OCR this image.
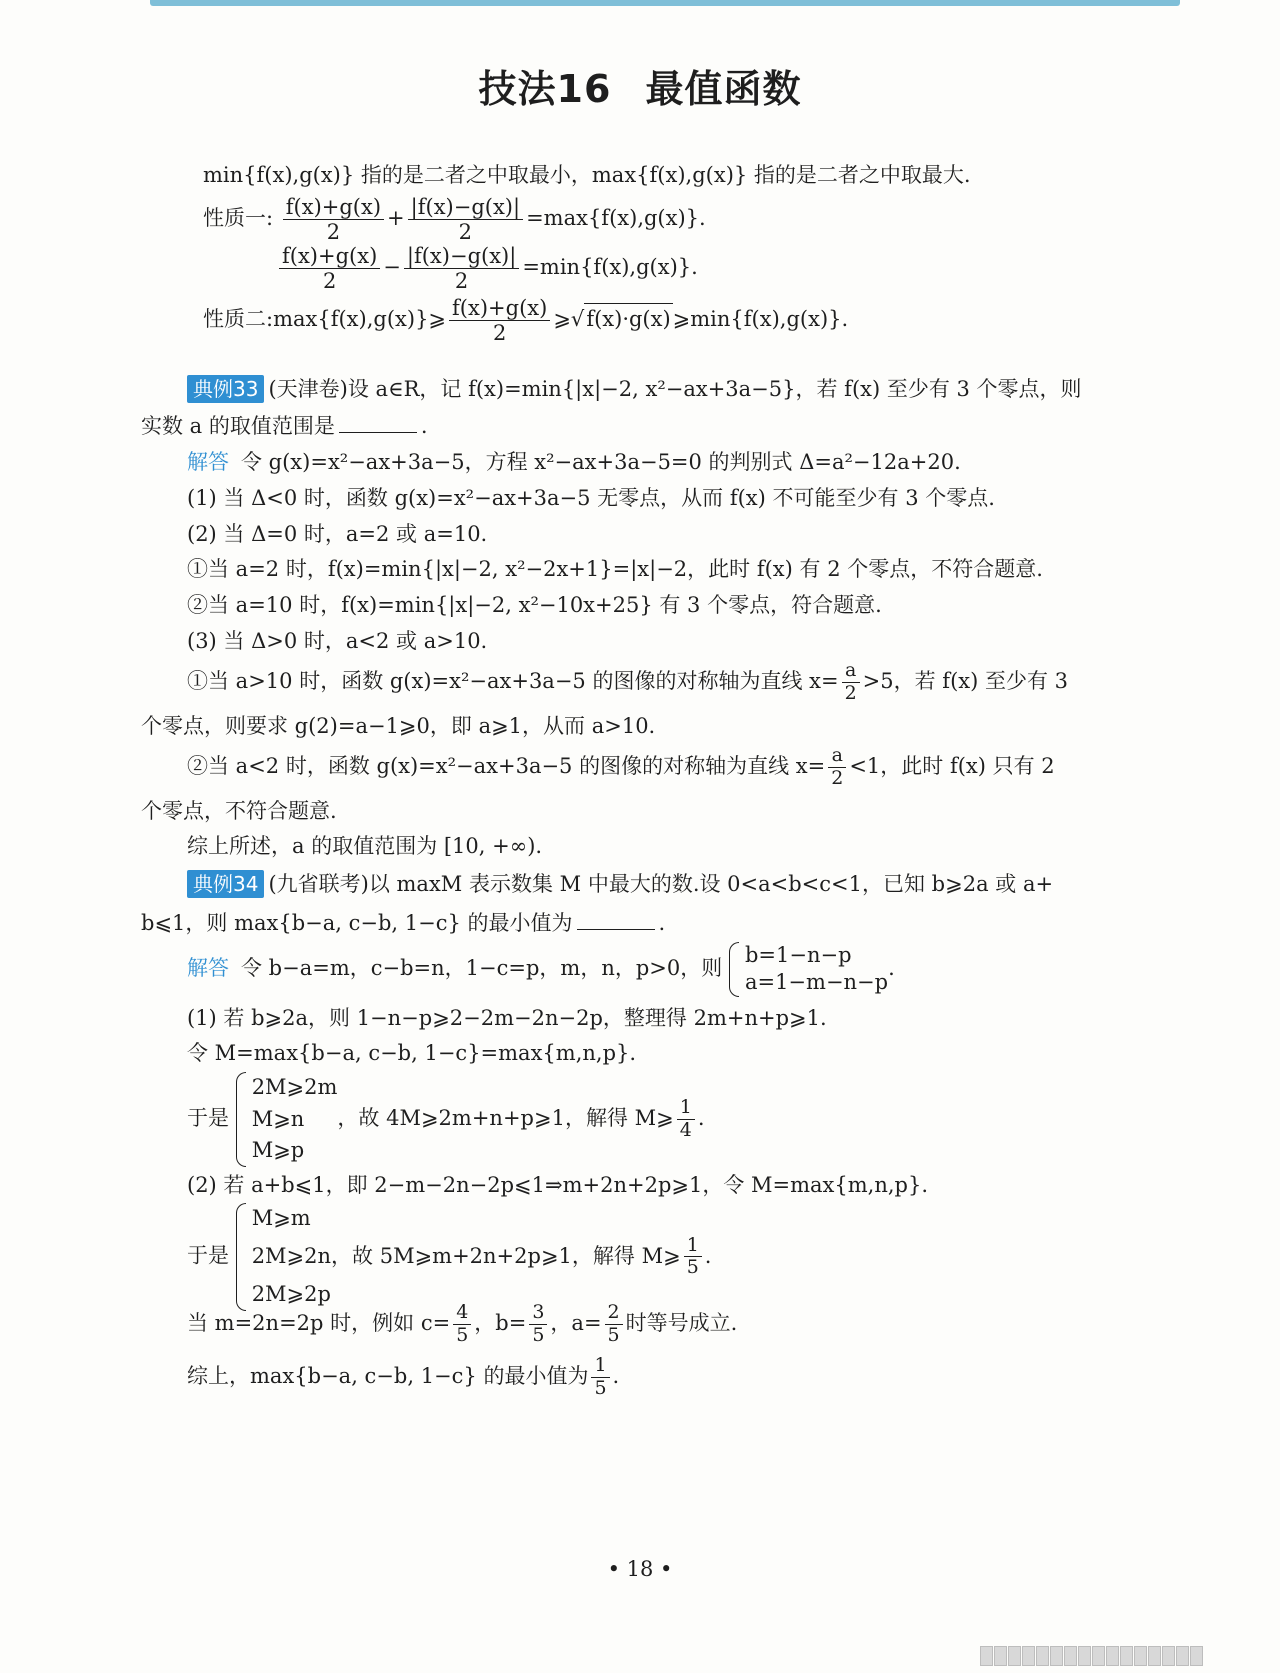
技法16 最值函数
min{f(x),g(x)} 指的是二者之中取最小，max{f(x),g(x)} 指的是二者之中取最大.
性质一: $\frac{f(x)+g(x)}{2} + \frac{|f(x)-g(x)|}{2} =\max\{f(x),g(x)\}$.
$\frac{f(x)+g(x)}{2} - \frac{|f(x)-g(x)|}{2} =\min\{f(x),g(x)\}$.
性质二:max{f(x),g(x)}⩾ $\frac{f(x)+g(x)}{2}$ ⩾√f(x)·g(x)⩾min{f(x),g(x)}.
典例33 (天津卷)设 a∈R，记 f(x)=min{|x|−2, x²−ax+3a−5}，若 f(x) 至少有 3 个零点，则
实数 a 的取值范围是	.
解答 令 g(x)=x²−ax+3a−5，方程 x²−ax+3a−5=0 的判别式 Δ=a²−12a+20.
(1) 当 Δ<0 时，函数 g(x)=x²−ax+3a−5 无零点，从而 f(x) 不可能至少有 3 个零点.
(2) 当 Δ=0 时，a=2 或 a=10.
①当 a=2 时，f(x)=min{|x|−2, x²−2x+1}=|x|−2，此时 f(x) 有 2 个零点，不符合题意.
②当 a=10 时，f(x)=min{|x|−2, x²−10x+25} 有 3 个零点，符合题意.
(3) 当 Δ>0 时，a<2 或 a>10.
①当 a>10 时，函数 g(x)=x²−ax+3a−5 的图像的对称轴为直线 $x= \frac{a}{2} >5$，若 f(x) 至少有 3
个零点，则要求 g(2)=a−1⩾0，即 a⩾1，从而 a>10.
②当 a<2 时，函数 g(x)=x²−ax+3a−5 的图像的对称轴为直线 $x= \frac{a}{2} <1$，此时 f(x) 只有 2
个零点，不符合题意.
综上所述，a 的取值范围为 [10, +∞).
典例34 (九省联考)以 maxM 表示数集 M 中最大的数.设 0<a<b<c<1，已知 b⩾2a 或 a+
b⩽1，则 max{b−a, c−b, 1−c} 的最小值为	.
解答 令 b−a=m，c−b=n，1−c=p，m，n，p>0，则
b=1−n−p
a=1−m−n−p
.
(1) 若 b⩾2a，则 1−n−p⩾2−2m−2n−2p，整理得 2m+n+p⩾1.
令 M=max{b−a, c−b, 1−c}=max{m,n,p}.
于是
2M⩾2m
M⩾n
M⩾p
，故 4M⩾2m+n+p⩾1，解得 M⩾ $\frac{1}{4}$ .
(2) 若 a+b⩽1，即 2−m−2n−2p⩽1⇒m+2n+2p⩾1，令 M=max{m,n,p}.
于是
M⩾m
2M⩾2n，故 5M⩾m+2n+2p⩾1，解得 M⩾ $\frac{1}{5}$ .
2M⩾2p
当 m=2n=2p 时，例如 $c= \frac{4}{5}$ ，$b= \frac{3}{5}$ ，$a= \frac{2}{5}$ 时等号成立.
综上，max{b−a, c−b, 1−c} 的最小值为 $\frac{1}{5}$ .
• 18 •
